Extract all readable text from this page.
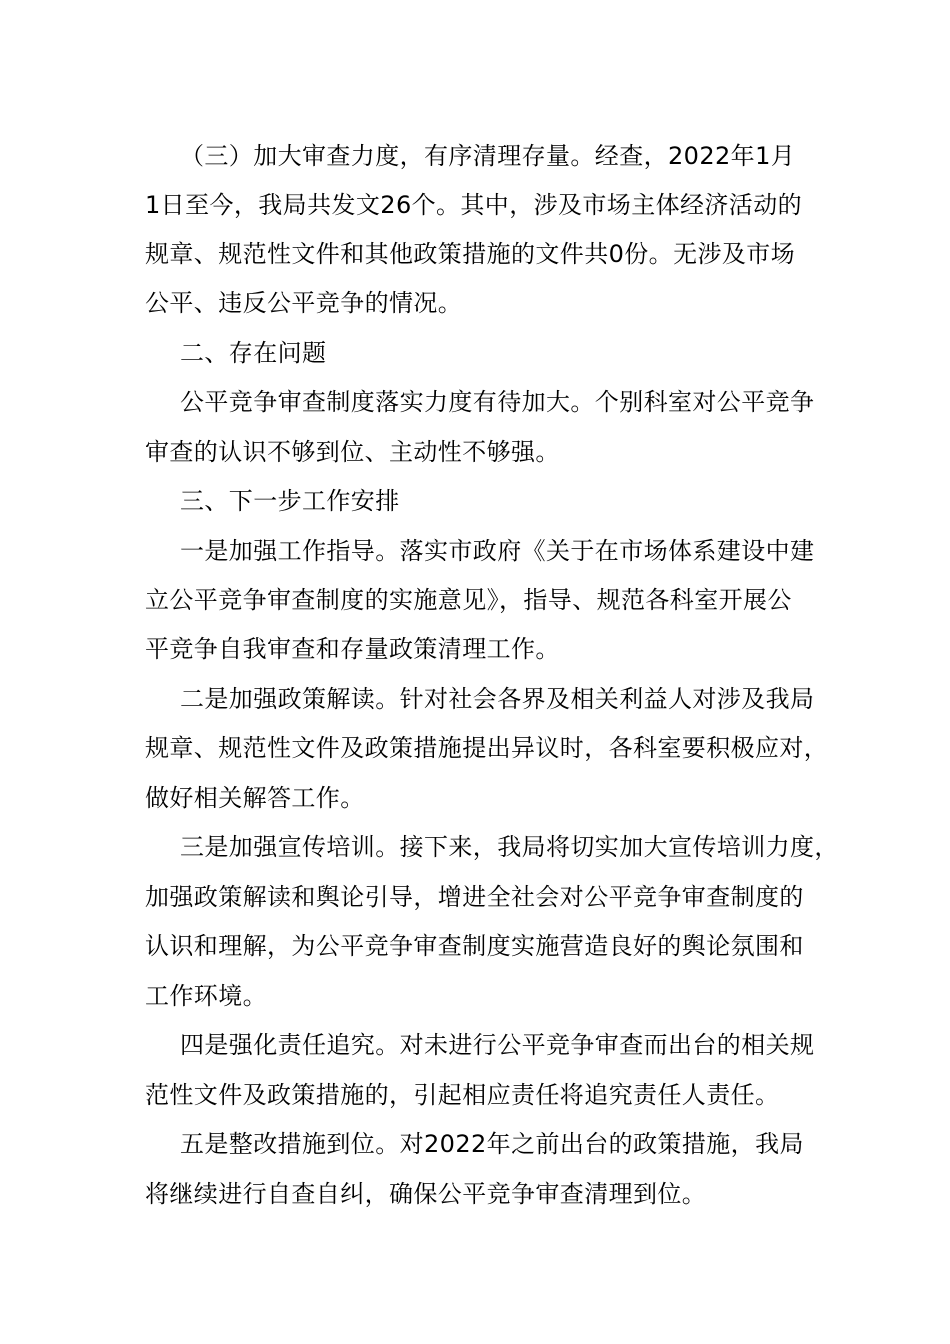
（三）加大审查力度，有序清理存量。经查，2022年1月
1日至今，我局共发文26个。其中，涉及市场主体经济活动的
规章、规范性文件和其他政策措施的文件共0份。无涉及市场
公平、违反公平竞争的情况。
二、存在问题
公平竞争审查制度落实力度有待加大。个别科室对公平竞争
审查的认识不够到位、主动性不够强。
三、下一步工作安排
一是加强工作指导。落实市政府《关于在市场体系建设中建
立公平竞争审查制度的实施意见》，指导、规范各科室开展公
平竞争自我审查和存量政策清理工作。
二是加强政策解读。针对社会各界及相关利益人对涉及我局
规章、规范性文件及政策措施提出异议时，各科室要积极应对，
做好相关解答工作。
三是加强宣传培训。接下来，我局将切实加大宣传培训力度，
加强政策解读和舆论引导，增进全社会对公平竞争审查制度的
认识和理解，为公平竞争审查制度实施营造良好的舆论氛围和
工作环境。
四是强化责任追究。对未进行公平竞争审查而出台的相关规
范性文件及政策措施的，引起相应责任将追究责任人责任。
五是整改措施到位。对2022年之前出台的政策措施，我局
将继续进行自查自纠，确保公平竞争审查清理到位。
